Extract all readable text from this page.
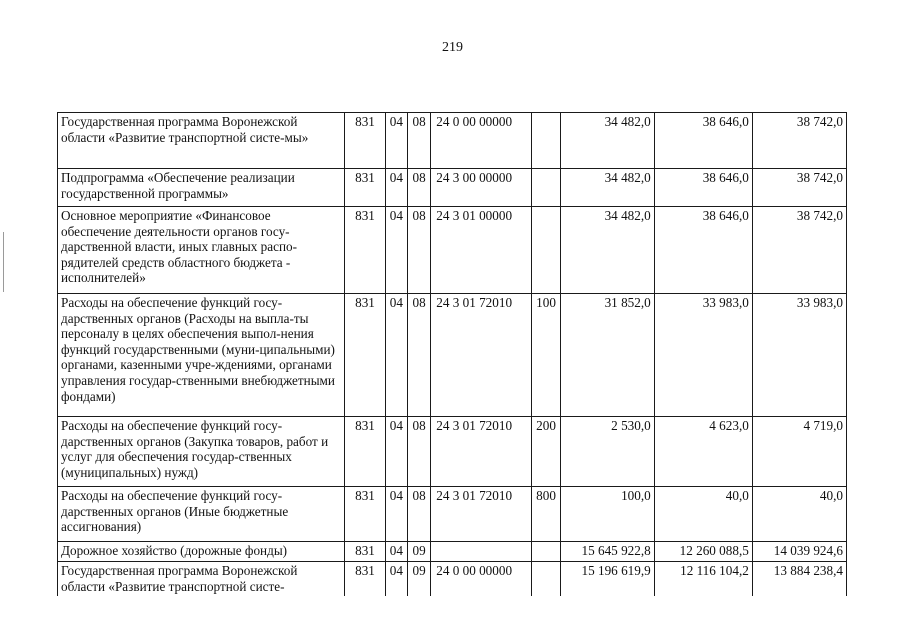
219
Государственная программа Воронежской области «Развитие транспортной систе-мы»	831	04	08	24 0 00 00000		34 482,0	38 646,0	38 742,0
Подпрограмма «Обеспечение реализации государственной программы»	831	04	08	24 3 00 00000		34 482,0	38 646,0	38 742,0
Основное мероприятие «Финансовое обеспечение деятельности органов госу-дарственной власти, иных главных распо-рядителей средств областного бюджета - исполнителей»	831	04	08	24 3 01 00000		34 482,0	38 646,0	38 742,0
Расходы на обеспечение функций госу-дарственных органов (Расходы на выпла-ты персоналу в целях обеспечения выпол-нения функций государственными (муни-ципальными) органами, казенными учре-ждениями, органами управления государ-ственными внебюджетными фондами)	831	04	08	24 3 01 72010	100	31 852,0	33 983,0	33 983,0
Расходы на обеспечение функций госу-дарственных органов (Закупка товаров, работ и услуг для обеспечения государ-ственных (муниципальных) нужд)	831	04	08	24 3 01 72010	200	2 530,0	4 623,0	4 719,0
Расходы на обеспечение функций госу-дарственных органов (Иные бюджетные ассигнования)	831	04	08	24 3 01 72010	800	100,0	40,0	40,0
Дорожное хозяйство (дорожные фонды)	831	04	09			15 645 922,8	12 260 088,5	14 039 924,6
Государственная программа Воронежской области «Развитие транспортной систе-	831	04	09	24 0 00 00000		15 196 619,9	12 116 104,2	13 884 238,4
